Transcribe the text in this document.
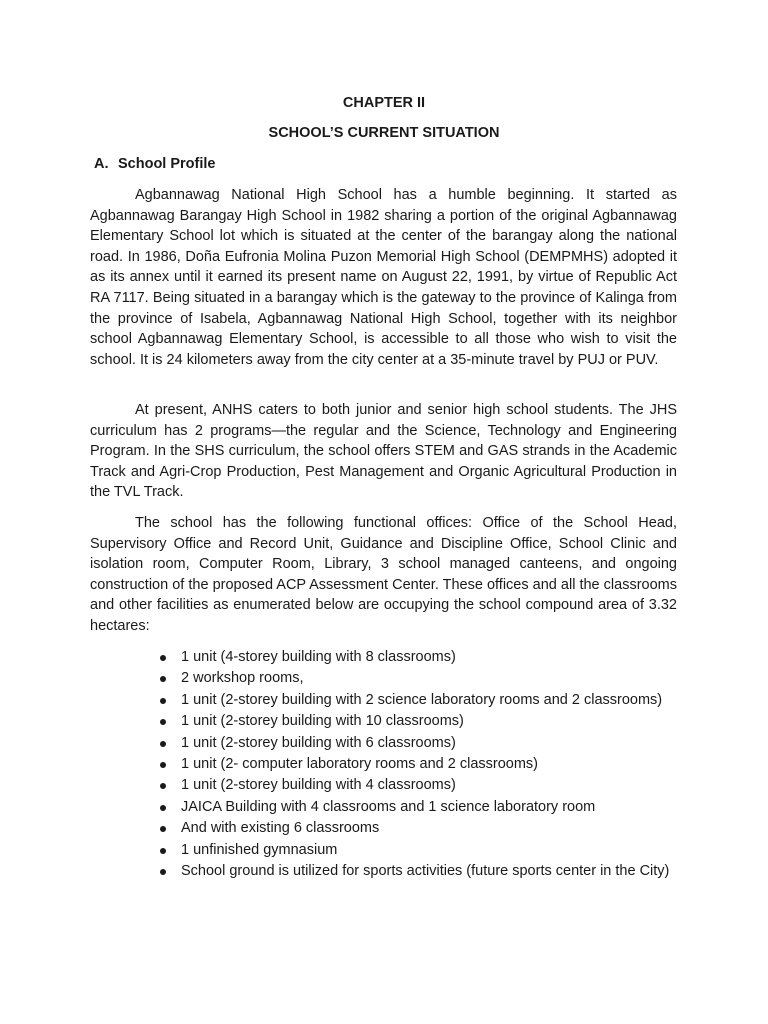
CHAPTER II
SCHOOL’S CURRENT SITUATION
A. School Profile

Agbannawag National High School has a humble beginning. It started as Agbannawag Barangay High School in 1982 sharing a portion of the original Agbannawag Elementary School lot which is situated at the center of the barangay along the national road. In 1986, Doña Eufronia Molina Puzon Memorial High School (DEMPMHS) adopted it as its annex until it earned its present name on August 22, 1991, by virtue of Republic Act RA 7117. Being situated in a barangay which is the gateway to the province of Kalinga from the province of Isabela, Agbannawag National High School, together with its neighbor school Agbannawag Elementary School, is accessible to all those who wish to visit the school. It is 24 kilometers away from the city center at a 35-minute travel by PUJ or PUV.

At present, ANHS caters to both junior and senior high school students. The JHS curriculum has 2 programs—the regular and the Science, Technology and Engineering Program. In the SHS curriculum, the school offers STEM and GAS strands in the Academic Track and Agri-Crop Production, Pest Management and Organic Agricultural Production in the TVL Track.

The school has the following functional offices: Office of the School Head, Supervisory Office and Record Unit, Guidance and Discipline Office, School Clinic and isolation room, Computer Room, Library, 3 school managed canteens, and ongoing construction of the proposed ACP Assessment Center. These offices and all the classrooms and other facilities as enumerated below are occupying the school compound area of 3.32 hectares:

1 unit (4-storey building with 8 classrooms)
2 workshop rooms,
1 unit (2-storey building with 2 science laboratory rooms and 2 classrooms)
1 unit (2-storey building with 10 classrooms)
1 unit (2-storey building with 6 classrooms)
1 unit (2- computer laboratory rooms and 2 classrooms)
1 unit (2-storey building with 4 classrooms)
JAICA Building with 4 classrooms and 1 science laboratory room
And with existing 6 classrooms
1 unfinished gymnasium
School ground is utilized for sports activities (future sports center in the City)
